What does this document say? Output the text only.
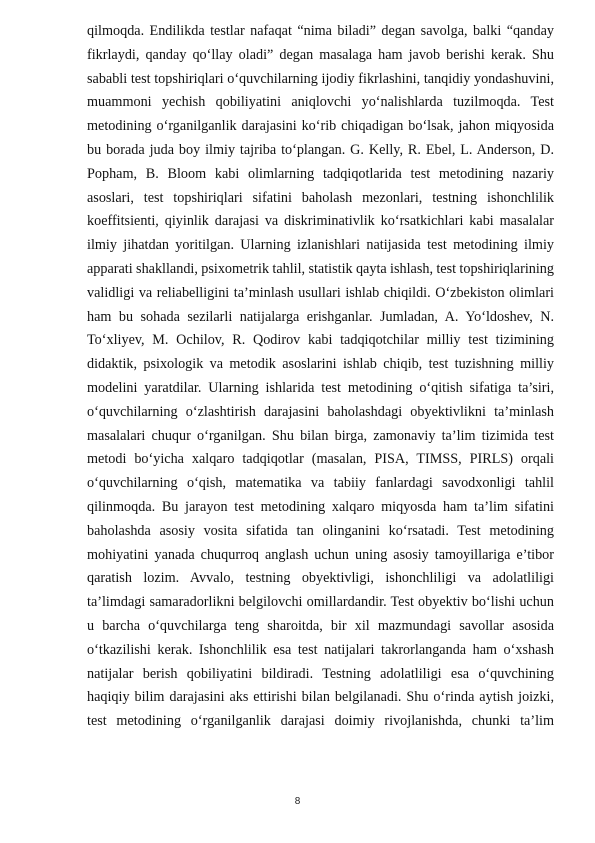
qilmoqda. Endilikda testlar nafaqat “nima biladi” degan savolga, balki “qanday
fikrlaydi, qanday qo‘llay oladi” degan masalaga ham javob berishi kerak. Shu
sababli test topshiriqlari o‘quvchilarning ijodiy fikrlashini, tanqidiy yondashuvini,
muammoni yechish qobiliyatini aniqlovchi yo‘nalishlarda tuzilmoqda. Test
metodining o‘rganilganlik darajasini ko‘rib chiqadigan bo‘lsak, jahon miqyosida
bu borada juda boy ilmiy tajriba to‘plangan. G. Kelly, R. Ebel, L. Anderson, D.
Popham, B. Bloom kabi olimlarning tadqiqotlarida test metodining nazariy
asoslari, test topshiriqlari sifatini baholash mezonlari, testning ishonchlilik
koeffitsienti, qiyinlik darajasi va diskriminativlik ko‘rsatkichlari kabi masalalar
ilmiy jihatdan yoritilgan. Ularning izlanishlari natijasida test metodining ilmiy
apparati shakllandi, psixometrik tahlil, statistik qayta ishlash, test topshiriqlarining
validligi va reliabelligini ta’minlash usullari ishlab chiqildi. O‘zbekiston olimlari
ham bu sohada sezilarli natijalarga erishganlar. Jumladan, A. Yo‘ldoshev, N.
To‘xliyev, M. Ochilov, R. Qodirov kabi tadqiqotchilar milliy test tizimining
didaktik, psixologik va metodik asoslarini ishlab chiqib, test tuzishning milliy
modelini yaratdilar. Ularning ishlarida test metodining o‘qitish sifatiga ta’siri,
o‘quvchilarning o‘zlashtirish darajasini baholashdagi obyektivlikni ta’minlash
masalalari chuqur o‘rganilgan. Shu bilan birga, zamonaviy ta’lim tizimida test
metodi bo‘yicha xalqaro tadqiqotlar (masalan, PISA, TIMSS, PIRLS) orqali
o‘quvchilarning o‘qish, matematika va tabiiy fanlardagi savodxonligi tahlil
qilinmoqda. Bu jarayon test metodining xalqaro miqyosda ham ta’lim sifatini
baholashda asosiy vosita sifatida tan olinganini ko‘rsatadi. Test metodining
mohiyatini yanada chuqurroq anglash uchun uning asosiy tamoyillariga e’tibor
qaratish lozim. Avvalo, testning obyektivligi, ishonchliligi va adolatliligi
ta’limdagi samaradorlikni belgilovchi omillardandir. Test obyektiv bo‘lishi uchun
u barcha o‘quvchilarga teng sharoitda, bir xil mazmundagi savollar asosida
o‘tkazilishi kerak. Ishonchlilik esa test natijalari takrorlanganda ham o‘xshash
natijalar berish qobiliyatini bildiradi. Testning adolatliligi esa o‘quvchining
haqiqiy bilim darajasini aks ettirishi bilan belgilanadi. Shu o‘rinda aytish joizki,
test metodining o‘rganilganlik darajasi doimiy rivojlanishda, chunki ta’lim
8
